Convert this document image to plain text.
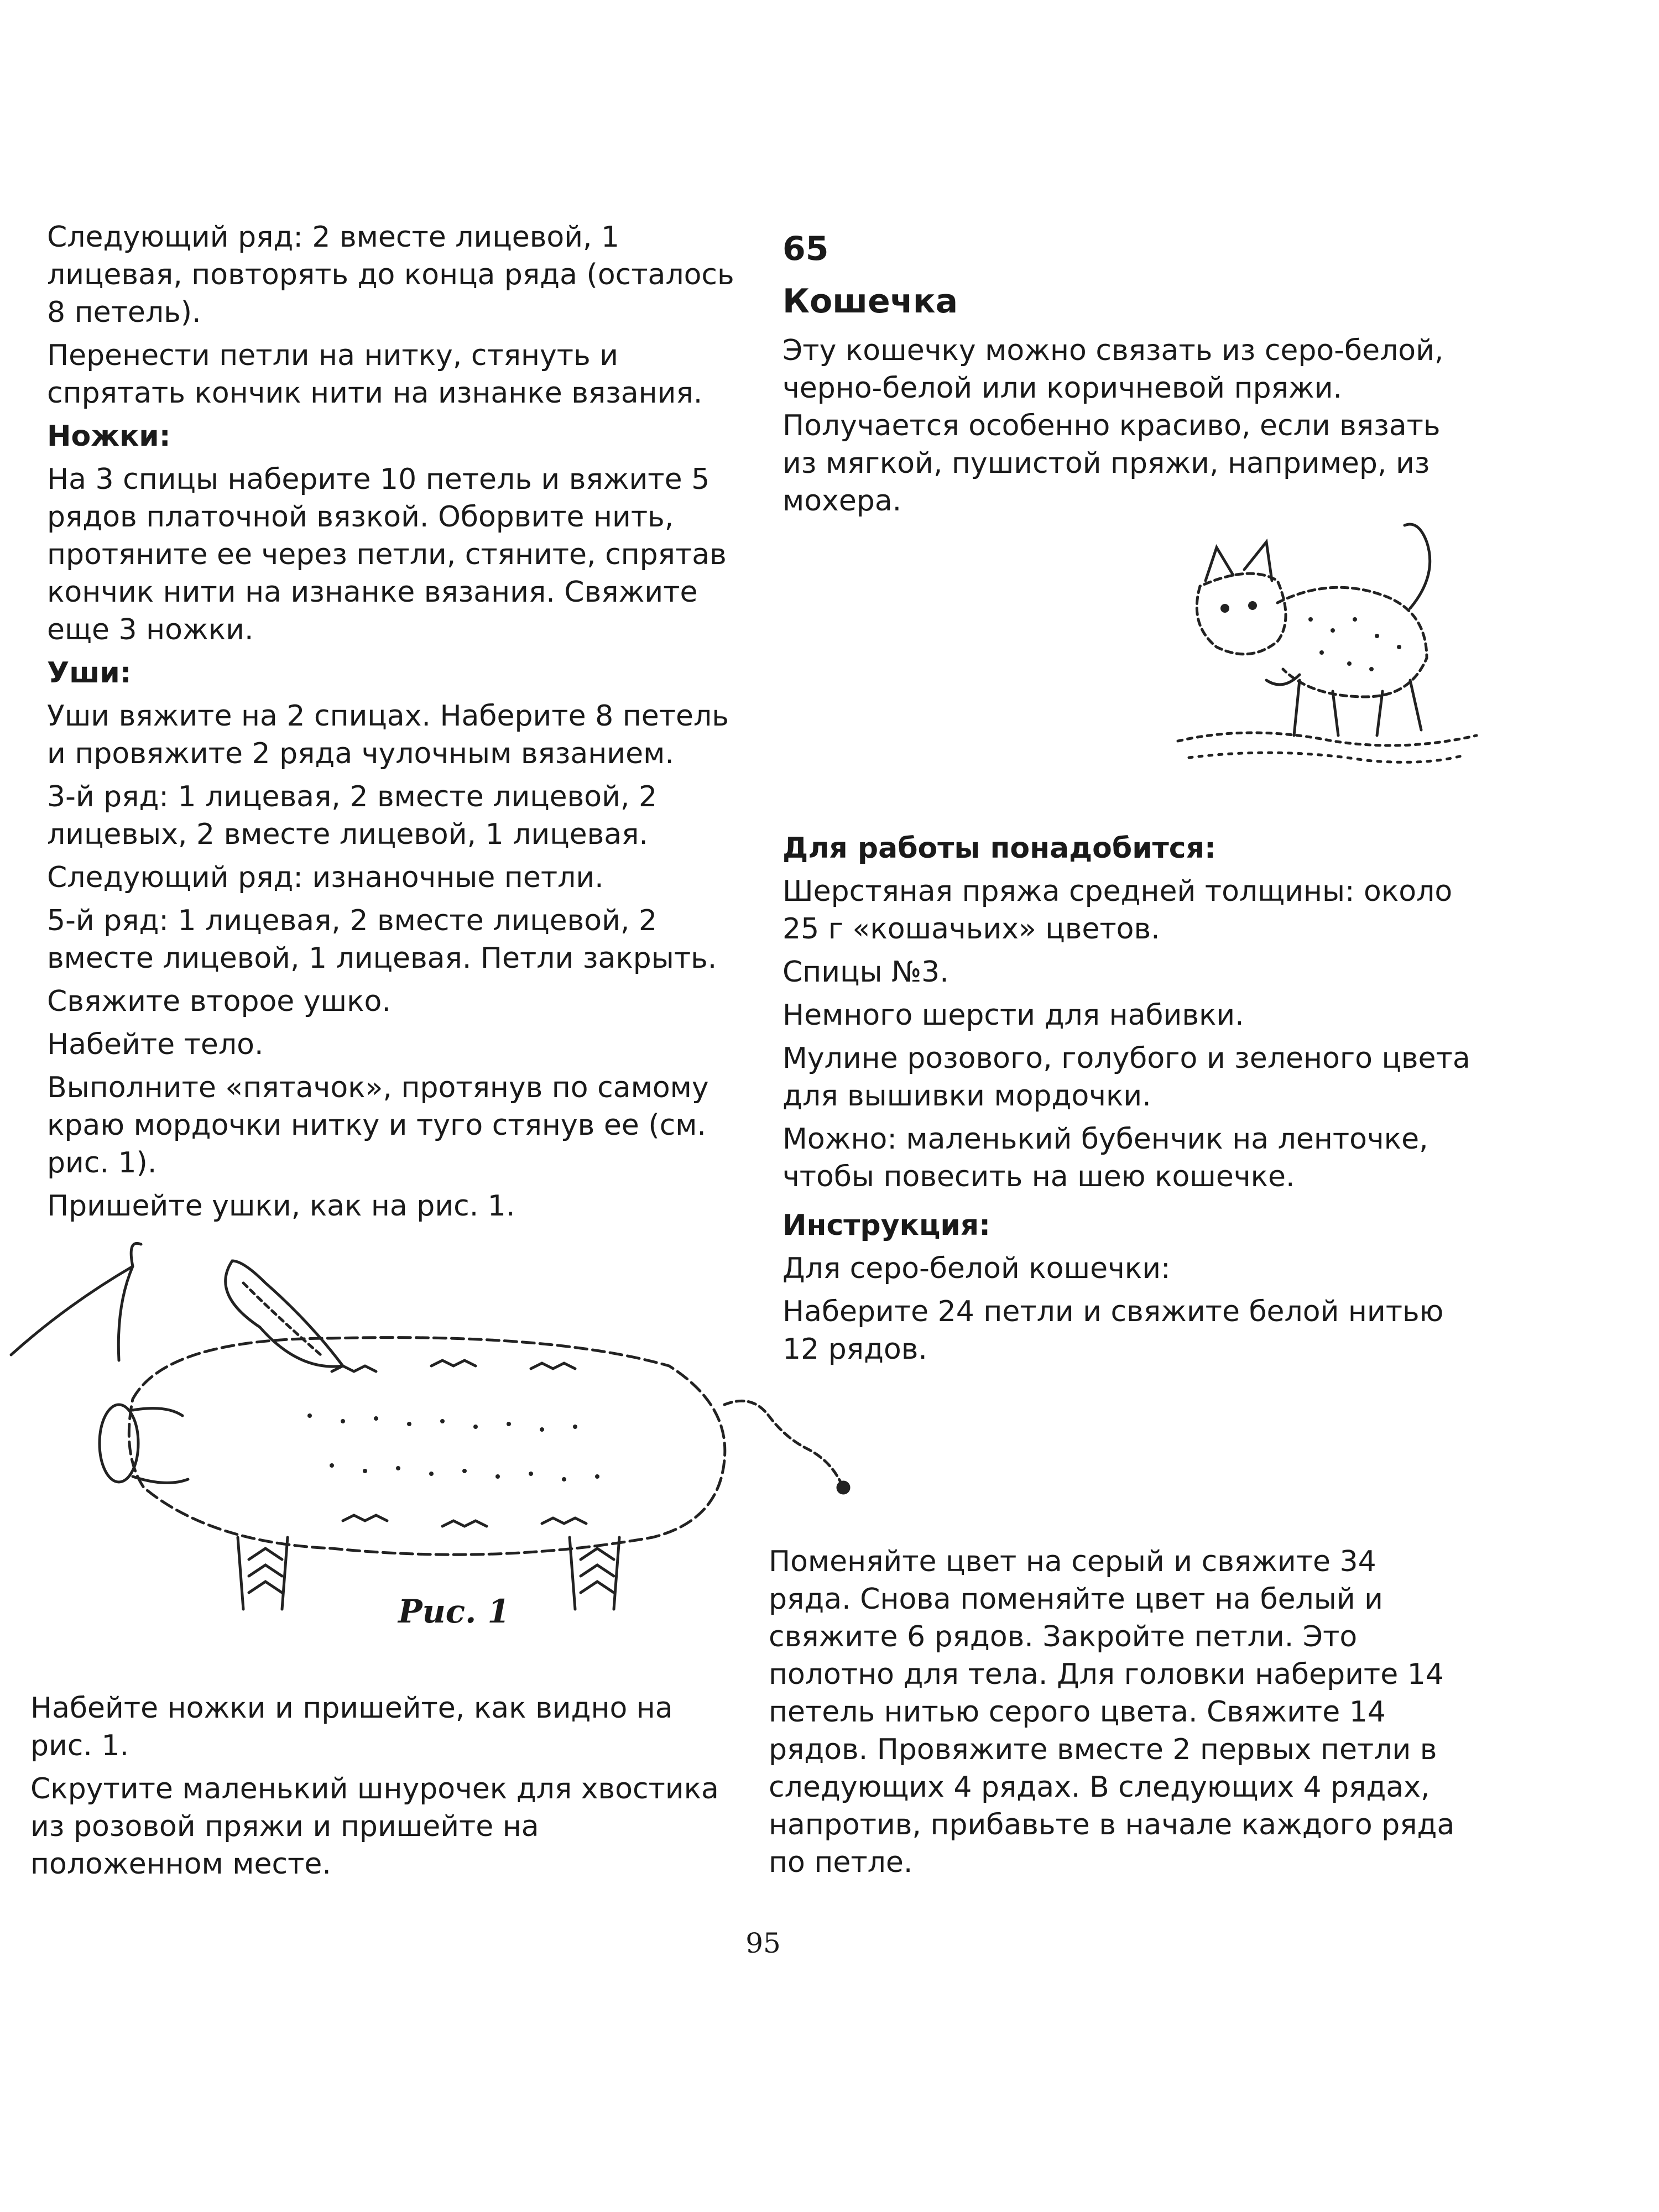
Следующий ряд: 2 вместе лицевой, 1 лицевая, повторять до конца ряда (осталось 8 петель).

Перенести петли на нитку, стянуть и спрятать кончик нити на изнанке вязания.

Ножки:

На 3 спицы наберите 10 петель и вяжите 5 рядов платочной вязкой. Оборвите нить, протяните ее через петли, стяните, спрятав кончик нити на изнанке вязания. Свяжите еще 3 ножки.

Уши:

Уши вяжите на 2 спицах. Наберите 8 петель и провяжите 2 ряда чулочным вязанием.

3-й ряд: 1 лицевая, 2 вместе лицевой, 2 лицевых, 2 вместе лицевой, 1 лицевая.

Следующий ряд: изнаночные петли.

5-й ряд: 1 лицевая, 2 вместе лицевой, 2 вместе лицевой, 1 лицевая. Петли закрыть.

Свяжите второе ушко.

Набейте тело.

Выполните «пятачок», протянув по самому краю мордочки нитку и туго стянув ее (см. рис. 1).

Пришейте ушки, как на рис. 1.

Рис. 1

Набейте ножки и пришейте, как видно на рис. 1.

Скрутите маленький шнурочек для хвостика из розовой пряжи и пришейте на положенном месте.

65

Кошечка

Эту кошечку можно связать из серо-белой, черно-белой или коричневой пряжи. Получается особенно красиво, если вязать из мягкой, пушистой пряжи, например, из мохера.

Для работы понадобится:

Шерстяная пряжа средней толщины: около 25 г «кошачьих» цветов.

Спицы №3.

Немного шерсти для набивки.

Мулине розового, голубого и зеленого цвета для вышивки мордочки.

Можно: маленький бубенчик на ленточке, чтобы повесить на шею кошечке.

Инструкция:

Для серо-белой кошечки:

Наберите 24 петли и свяжите белой нитью 12 рядов.

Поменяйте цвет на серый и свяжите 34 ряда. Снова поменяйте цвет на белый и свяжите 6 рядов. Закройте петли. Это полотно для тела. Для головки наберите 14 петель нитью серого цвета. Свяжите 14 рядов. Провяжите вместе 2 первых петли в следующих 4 рядах. В следующих 4 рядах, напротив, прибавьте в начале каждого ряда по петле.

95
